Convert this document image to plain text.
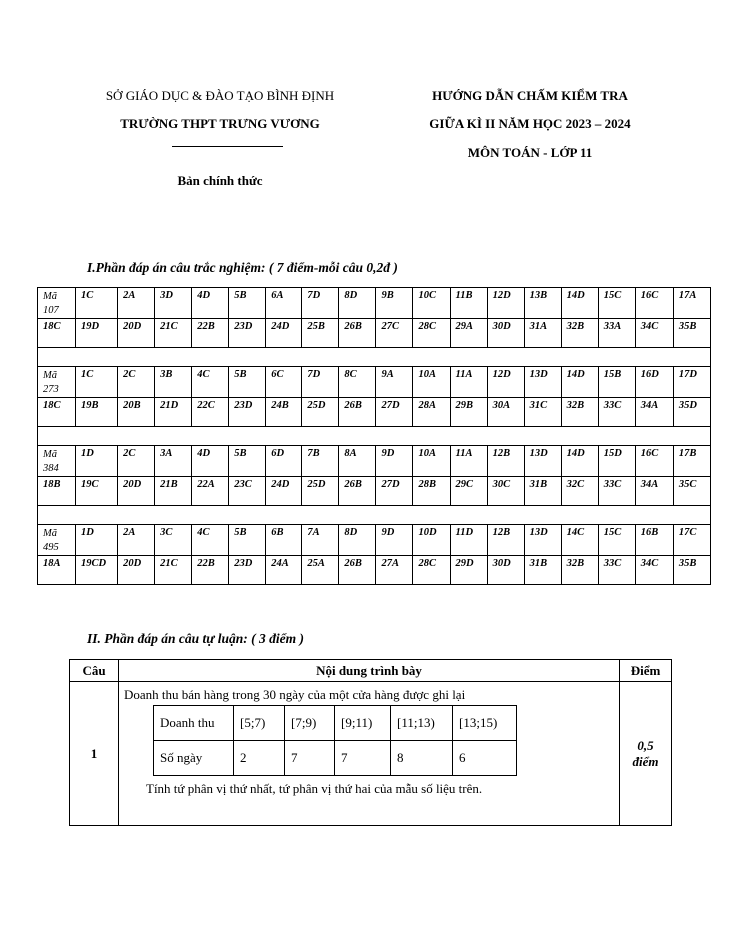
SỞ GIÁO DỤC & ĐÀO TẠO BÌNH ĐỊNH
TRƯỜNG THPT TRƯNG VƯƠNG
Bản chính thức
HƯỚNG DẪN CHẤM KIỂM TRA
GIỮA KÌ II NĂM HỌC 2023 – 2024
MÔN TOÁN - LỚP 11
I.Phần đáp án câu trắc nghiệm: ( 7 điểm-mỗi câu 0,2đ )
Mã 107	1C	2A	3D	4D	5B	6A	7D	8D	9B	10C	11B	12D	13B	14D	15C	16C	17A
18C	19D	20D	21C	22B	23D	24D	25B	26B	27C	28C	29A	30D	31A	32B	33A	34C	35B

Mã 273	1C	2C	3B	4C	5B	6C	7D	8C	9A	10A	11A	12D	13D	14D	15B	16D	17D
18C	19B	20B	21D	22C	23D	24B	25D	26B	27D	28A	29B	30A	31C	32B	33C	34A	35D

Mã 384	1D	2C	3A	4D	5B	6D	7B	8A	9D	10A	11A	12B	13D	14D	15D	16C	17B
18B	19C	20D	21B	22A	23C	24D	25D	26B	27D	28B	29C	30C	31B	32C	33C	34A	35C

Mã 495	1D	2A	3C	4C	5B	6B	7A	8D	9D	10D	11D	12B	13D	14C	15C	16B	17C
18A	19CD	20D	21C	22B	23D	24A	25A	26B	27A	28C	29D	30D	31B	32B	33C	34C	35B
II. Phần đáp án câu tự luận: ( 3 điểm )
Câu	Nội dung trình bày	Điểm
1	
Doanh thu bán hàng trong 30 ngày của một cửa hàng được ghi lại
Doanh thu	[5;7)	[7;9)	[9;11)	[11;13)	[13;15)
Số ngày	2	7	7	8	6
Tính tứ phân vị thứ nhất, tứ phân vị thứ hai của mẫu số liệu trên.

0,5
điểm
